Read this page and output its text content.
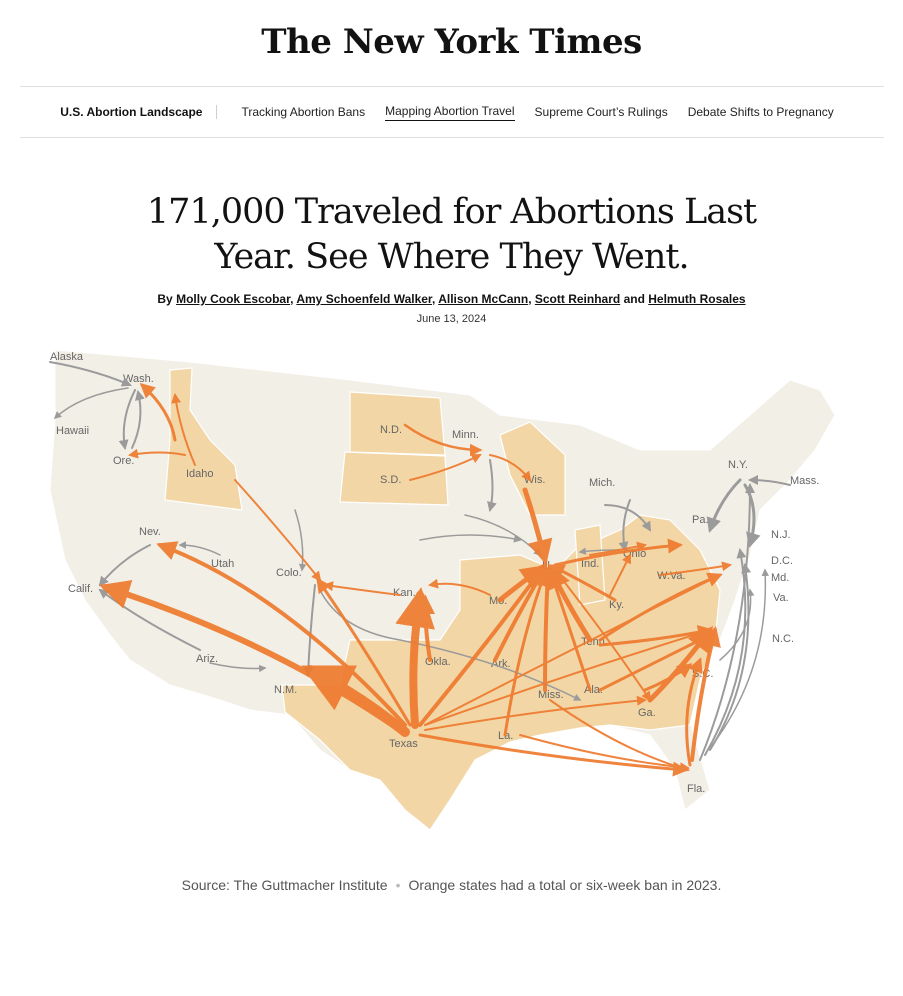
The New York Times
U.S. Abortion Landscape	Tracking Abortion Bans Mapping Abortion Travel Supreme Court’s Rulings Debate Shifts to Pregnancy
171,000 Traveled for Abortions Last
Year. See Where They Went.
By Molly Cook Escobar, Amy Schoenfeld Walker, Allison McCann, Scott Reinhard and Helmuth Rosales
June 13, 2024
Alaska
Wash.
Hawaii
Ore.
Idaho
N.D.	Minn.
S.D.	Wis.	Mich.
N.Y.
Mass.
Nev.
Utah
Colo.
Calif.
Ill.	Ind.
Ohio
Pa.
N.J.
D.C.
Md.
Va.
W.Va.
Kan.
Mo.	Ky.
Tenn.	N.C.
Ariz.
N.M.
Okla.	Ark.
S.C.
Miss. Ala.
Ga.
Texas
La.
Fla.
Source: The Guttmacher Institute • Orange states had a total or six-week ban in 2023.
